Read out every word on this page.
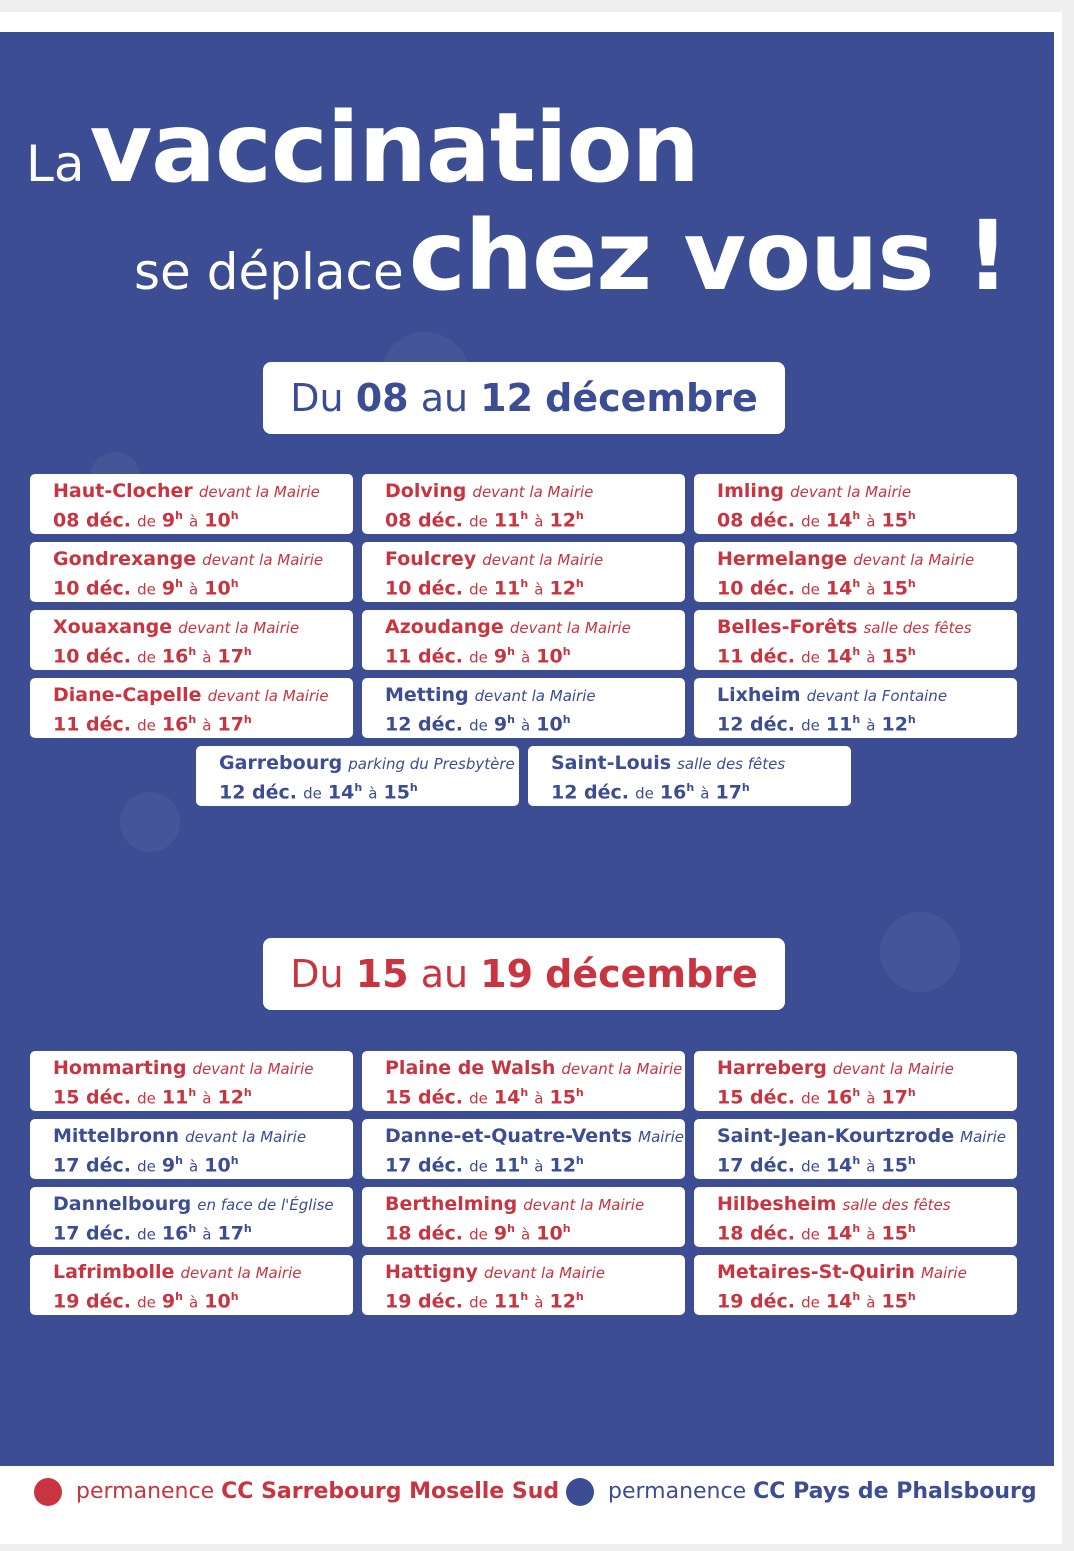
La vaccination
se déplace chez vous !
Du 08 au 12 décembre
Du 15 au 19 décembre
Haut-Clocher devant la Mairie
08 déc. de 9$^h$ à 10$^h$
Dolving devant la Mairie
08 déc. de 11$^h$ à 12$^h$
Imling devant la Mairie
08 déc. de 14$^h$ à 15$^h$
Gondrexange devant la Mairie
10 déc. de 9$^h$ à 10$^h$
Foulcrey devant la Mairie
10 déc. de 11$^h$ à 12$^h$
Hermelange devant la Mairie
10 déc. de 14$^h$ à 15$^h$
Xouaxange devant la Mairie
10 déc. de 16$^h$ à 17$^h$
Azoudange devant la Mairie
11 déc. de 9$^h$ à 10$^h$
Belles-Forêts salle des fêtes
11 déc. de 14$^h$ à 15$^h$
Diane-Capelle devant la Mairie
11 déc. de 16$^h$ à 17$^h$
Metting devant la Mairie
12 déc. de 9$^h$ à 10$^h$
Lixheim devant la Fontaine
12 déc. de 11$^h$ à 12$^h$
Garrebourg parking du Presbytère
12 déc. de 14$^h$ à 15$^h$
Saint-Louis salle des fêtes
12 déc. de 16$^h$ à 17$^h$
Hommarting devant la Mairie
15 déc. de 11$^h$ à 12$^h$
Plaine de Walsh devant la Mairie
15 déc. de 14$^h$ à 15$^h$
Harreberg devant la Mairie
15 déc. de 16$^h$ à 17$^h$
Mittelbronn devant la Mairie
17 déc. de 9$^h$ à 10$^h$
Danne-et-Quatre-Vents Mairie
17 déc. de 11$^h$ à 12$^h$
Saint-Jean-Kourtzrode Mairie
17 déc. de 14$^h$ à 15$^h$
Dannelbourg en face de l'Église
17 déc. de 16$^h$ à 17$^h$
Berthelming devant la Mairie
18 déc. de 9$^h$ à 10$^h$
Hilbesheim salle des fêtes
18 déc. de 14$^h$ à 15$^h$
Lafrimbolle devant la Mairie
19 déc. de 9$^h$ à 10$^h$
Hattigny devant la Mairie
19 déc. de 11$^h$ à 12$^h$
Metaires-St-Quirin Mairie
19 déc. de 14$^h$ à 15$^h$
permanence CC Sarrebourg Moselle Sud	permanence CC Pays de Phalsbourg
